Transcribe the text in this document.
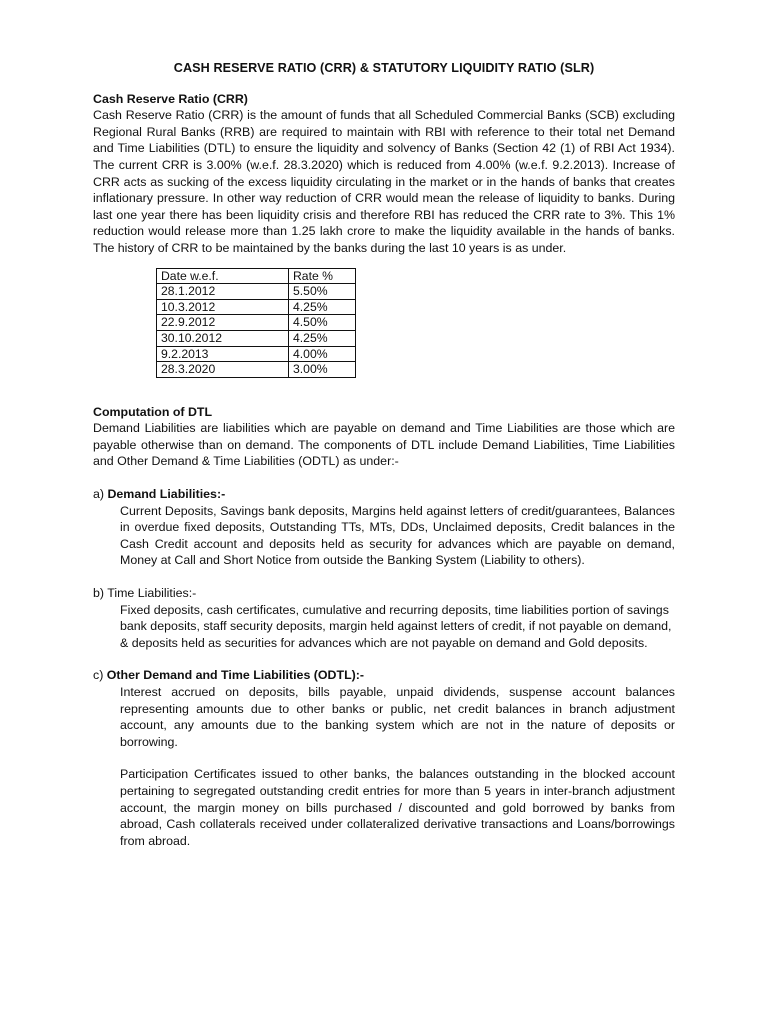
CASH RESERVE RATIO (CRR) & STATUTORY LIQUIDITY RATIO (SLR)

Cash Reserve Ratio (CRR)

Cash Reserve Ratio (CRR) is the amount of funds that all Scheduled Commercial Banks (SCB) excluding Regional Rural Banks (RRB) are required to maintain with RBI with reference to their total net Demand and Time Liabilities (DTL) to ensure the liquidity and solvency of Banks (Section 42 (1) of RBI Act 1934). The current CRR is 3.00% (w.e.f. 28.3.2020) which is reduced from 4.00% (w.e.f. 9.2.2013). Increase of CRR acts as sucking of the excess liquidity circulating in the market or in the hands of banks that creates inflationary pressure. In other way reduction of CRR would mean the release of liquidity to banks. During last one year there has been liquidity crisis and therefore RBI has reduced the CRR rate to 3%. This 1% reduction would release more than 1.25 lakh crore to make the liquidity available in the hands of banks. The history of CRR to be maintained by the banks during the last 10 years is as under.

Date w.e.f.	Rate %
28.1.2012	5.50%
10.3.2012	4.25%
22.9.2012	4.50%
30.10.2012	4.25%
9.2.2013	4.00%
28.3.2020	3.00%

Computation of DTL

Demand Liabilities are liabilities which are payable on demand and Time Liabilities are those which are payable otherwise than on demand. The components of DTL include Demand Liabilities, Time Liabilities and Other Demand & Time Liabilities (ODTL) as under:-

a) Demand Liabilities:-

Current Deposits, Savings bank deposits, Margins held against letters of credit/guarantees, Balances in overdue fixed deposits, Outstanding TTs, MTs, DDs, Unclaimed deposits, Credit balances in the Cash Credit account and deposits held as security for advances which are payable on demand, Money at Call and Short Notice from outside the Banking System (Liability to others).

b) Time Liabilities:-

Fixed deposits, cash certificates, cumulative and recurring deposits, time liabilities portion of savings bank deposits, staff security deposits, margin held against letters of credit, if not payable on demand, & deposits held as securities for advances which are not payable on demand and Gold deposits.

c) Other Demand and Time Liabilities (ODTL):-

Interest accrued on deposits, bills payable, unpaid dividends, suspense account balances representing amounts due to other banks or public, net credit balances in branch adjustment account, any amounts due to the banking system which are not in the nature of deposits or borrowing.

Participation Certificates issued to other banks, the balances outstanding in the blocked account pertaining to segregated outstanding credit entries for more than 5 years in inter-branch adjustment account, the margin money on bills purchased / discounted and gold borrowed by banks from abroad, Cash collaterals received under collateralized derivative transactions and Loans/borrowings from abroad.
